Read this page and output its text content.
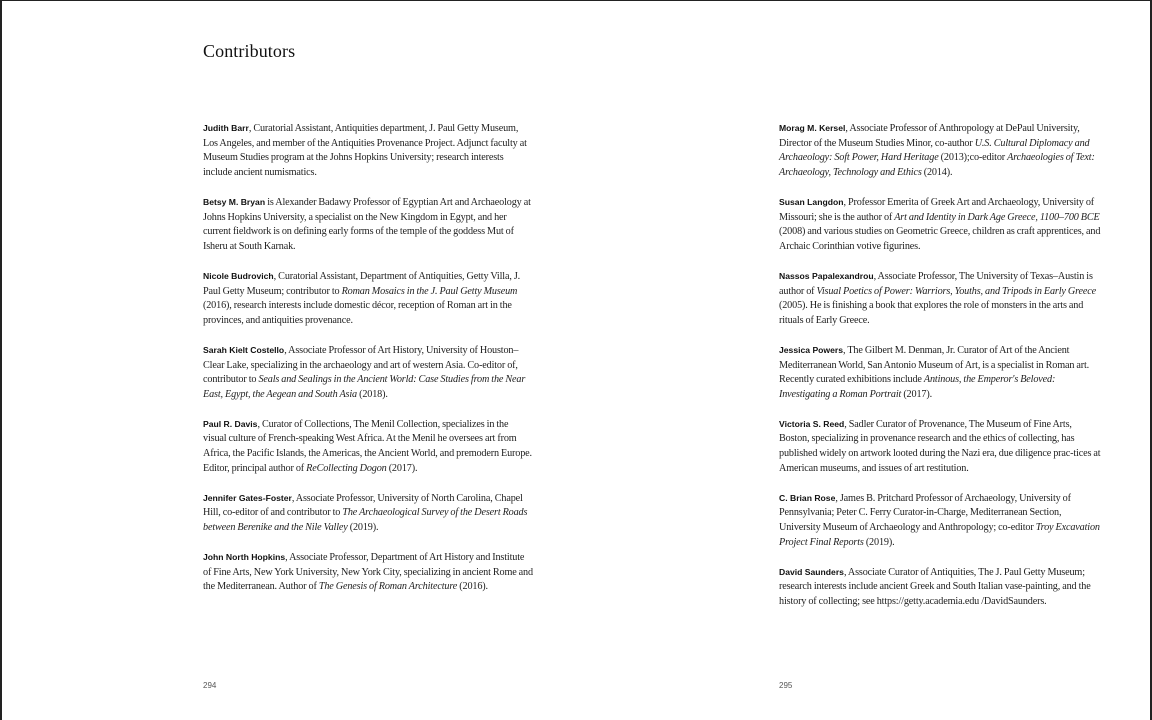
Contributors

Judith Barr, Curatorial Assistant, Antiquities department, J. Paul Getty Museum, Los Angeles, and member of the Antiquities Provenance Project. Adjunct faculty at Museum Studies program at the Johns Hopkins University; research interests include ancient numismatics.

Betsy M. Bryan is Alexander Badawy Professor of Egyptian Art and Archaeology at Johns Hopkins University, a specialist on the New Kingdom in Egypt, and her current fieldwork is on defining early forms of the temple of the goddess Mut of Isheru at South Karnak.

Nicole Budrovich, Curatorial Assistant, Department of Antiquities, Getty Villa, J. Paul Getty Museum; contributor to Roman Mosaics in the J. Paul Getty Museum (2016), research interests include domestic décor, reception of Roman art in the provinces, and antiquities provenance.

Sarah Kielt Costello, Associate Professor of Art History, University of Houston–Clear Lake, specializing in the archaeology and art of western Asia. Co-editor of, contributor to Seals and Sealings in the Ancient World: Case Studies from the Near East, Egypt, the Aegean and South Asia (2018).

Paul R. Davis, Curator of Collections, The Menil Collection, specializes in the visual culture of French-speaking West Africa. At the Menil he oversees art from Africa, the Pacific Islands, the Americas, the Ancient World, and premodern Europe. Editor, principal author of ReCollecting Dogon (2017).

Jennifer Gates-Foster, Associate Professor, University of North Carolina, Chapel Hill, co-editor of and contributor to The Archaeological Survey of the Desert Roads between Berenike and the Nile Valley (2019).

John North Hopkins, Associate Professor, Department of Art History and Institute of Fine Arts, New York University, New York City, specializing in ancient Rome and the Mediterranean. Author of The Genesis of Roman Architecture (2016).

Morag M. Kersel, Associate Professor of Anthropology at DePaul University, Director of the Museum Studies Minor, co-author U.S. Cultural Diplomacy and Archaeology: Soft Power, Hard Heritage (2013);co-editor Archaeologies of Text: Archaeology, Technology and Ethics (2014).

Susan Langdon, Professor Emerita of Greek Art and Archaeology, University of Missouri; she is the author of Art and Identity in Dark Age Greece, 1100–700 BCE (2008) and various studies on Geometric Greece, children as craft apprentices, and Archaic Corinthian votive figurines.

Nassos Papalexandrou, Associate Professor, The University of Texas–Austin is author of Visual Poetics of Power: Warriors, Youths, and Tripods in Early Greece (2005). He is finishing a book that explores the role of monsters in the arts and rituals of Early Greece.

Jessica Powers, The Gilbert M. Denman, Jr. Curator of Art of the Ancient Mediterranean World, San Antonio Museum of Art, is a specialist in Roman art. Recently curated exhibitions include Antinous, the Emperor's Beloved: Investigating a Roman Portrait (2017).

Victoria S. Reed, Sadler Curator of Provenance, The Museum of Fine Arts, Boston, specializing in provenance research and the ethics of collecting, has published widely on artwork looted during the Nazi era, due diligence prac-tices at American museums, and issues of art restitution.

C. Brian Rose, James B. Pritchard Professor of Archaeology, University of Pennsylvania; Peter C. Ferry Curator-in-Charge, Mediterranean Section, University Museum of Archaeology and Anthropology; co-editor Troy Excavation Project Final Reports (2019).

David Saunders, Associate Curator of Antiquities, The J. Paul Getty Museum; research interests include ancient Greek and South Italian vase-painting, and the history of collecting; see https://getty.academia.edu /DavidSaunders.

294	295
